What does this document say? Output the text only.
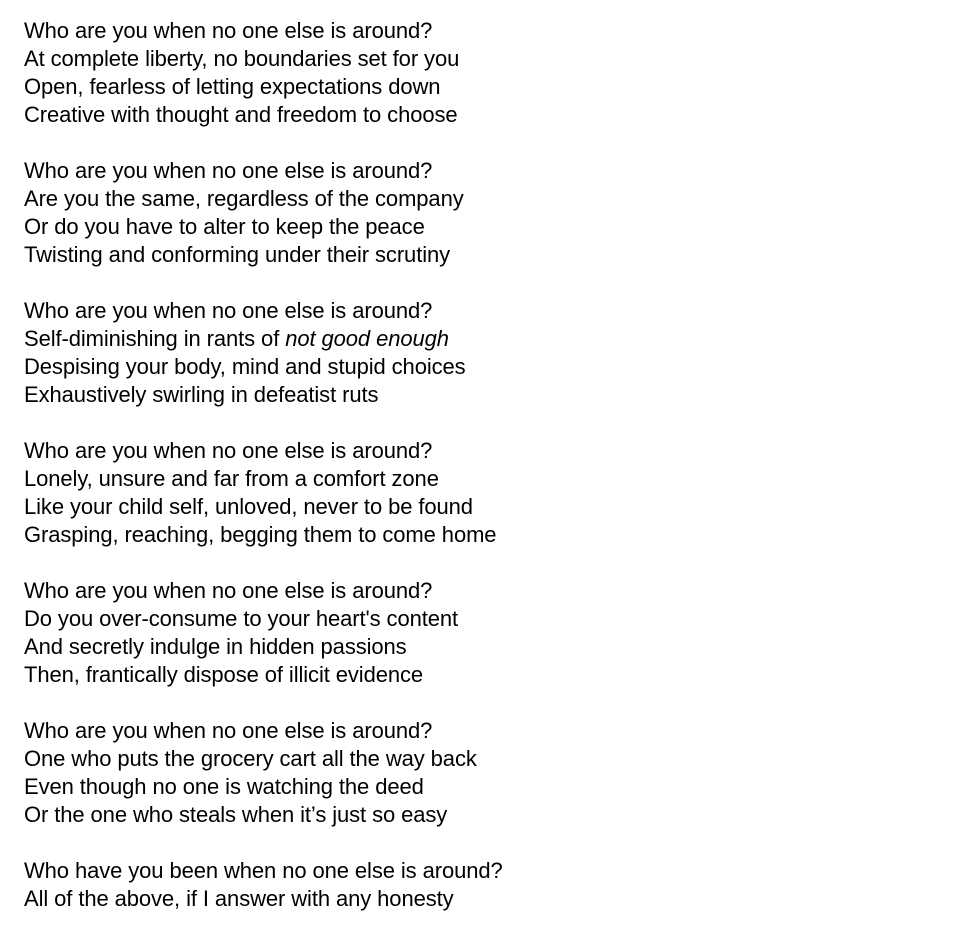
Who are you when no one else is around?
At complete liberty, no boundaries set for you
Open, fearless of letting expectations down
Creative with thought and freedom to choose
Who are you when no one else is around?
Are you the same, regardless of the company
Or do you have to alter to keep the peace
Twisting and conforming under their scrutiny
Who are you when no one else is around?
Self-diminishing in rants of not good enough
Despising your body, mind and stupid choices
Exhaustively swirling in defeatist ruts
Who are you when no one else is around?
Lonely, unsure and far from a comfort zone
Like your child self, unloved, never to be found
Grasping, reaching, begging them to come home
Who are you when no one else is around?
Do you over-consume to your heart's content
And secretly indulge in hidden passions
Then, frantically dispose of illicit evidence
Who are you when no one else is around?
One who puts the grocery cart all the way back
Even though no one is watching the deed
Or the one who steals when it’s just so easy
Who have you been when no one else is around?
All of the above, if I answer with any honesty
